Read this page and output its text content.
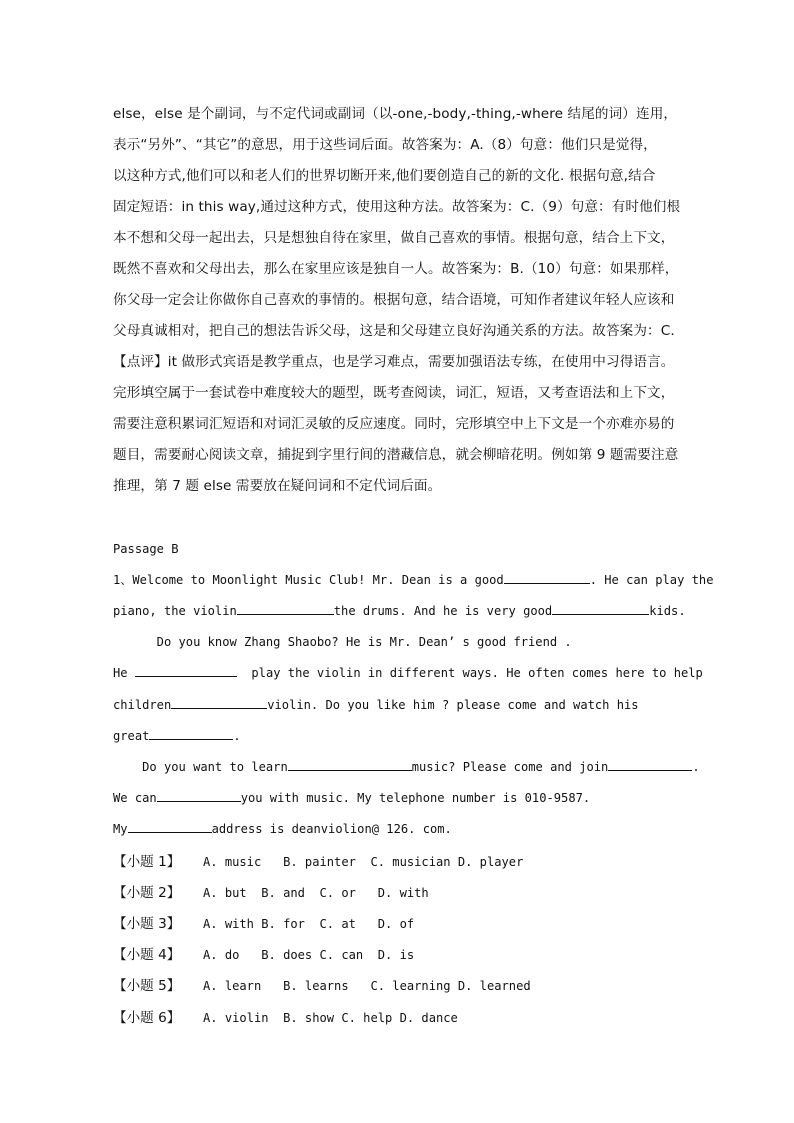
else，else 是个副词，与不定代词或副词（以-one,-body,-thing,-where 结尾的词）连用，
表示“另外”、“其它”的意思，用于这些词后面。故答案为：A.（8）句意：他们只是觉得，
以这种方式,他们可以和老人们的世界切断开来,他们要创造自己的新的文化. 根据句意,结合
固定短语：in this way,通过这种方式，使用这种方法。故答案为：C.（9）句意：有时他们根
本不想和父母一起出去，只是想独自待在家里，做自己喜欢的事情。根据句意，结合上下文，
既然不喜欢和父母出去，那么在家里应该是独自一人。故答案为：B.（10）句意：如果那样，
你父母一定会让你做你自己喜欢的事情的。根据句意，结合语境，可知作者建议年轻人应该和
父母真诚相对，把自己的想法告诉父母，这是和父母建立良好沟通关系的方法。故答案为：C.
【点评】it 做形式宾语是教学重点，也是学习难点，需要加强语法专练，在使用中习得语言。
完形填空属于一套试卷中难度较大的题型，既考查阅读，词汇，短语，又考查语法和上下文，
需要注意积累词汇短语和对词汇灵敏的反应速度。同时，完形填空中上下文是一个亦难亦易的
题目，需要耐心阅读文章，捕捉到字里行间的潜藏信息，就会柳暗花明。例如第 9 题需要注意
推理，第 7 题 else 需要放在疑问词和不定代词后面。
Passage B
1、Welcome to Moonlight Music Club! Mr. Dean is a good	. He can play the
piano, the violin	the drums. And he is very good	kids.
Do you know Zhang Shaobo? He is Mr. Dean’ s good friend .
He	play the violin in different ways. He often comes here to help
children	violin. Do you like him ? please come and watch his
great	.
Do you want to learn	music? Please come and join	.
We can	you with music. My telephone number is 010-9587.
My	address is deanviolion@ 126. com.
【小题 1】 A. music   B. painter  C. musician D. player
【小题 2】 A. but  B. and  C. or   D. with
【小题 3】 A. with B. for  C. at   D. of
【小题 4】 A. do   B. does C. can  D. is
【小题 5】 A. learn   B. learns   C. learning D. learned
【小题 6】 A. violin  B. show C. help D. dance
